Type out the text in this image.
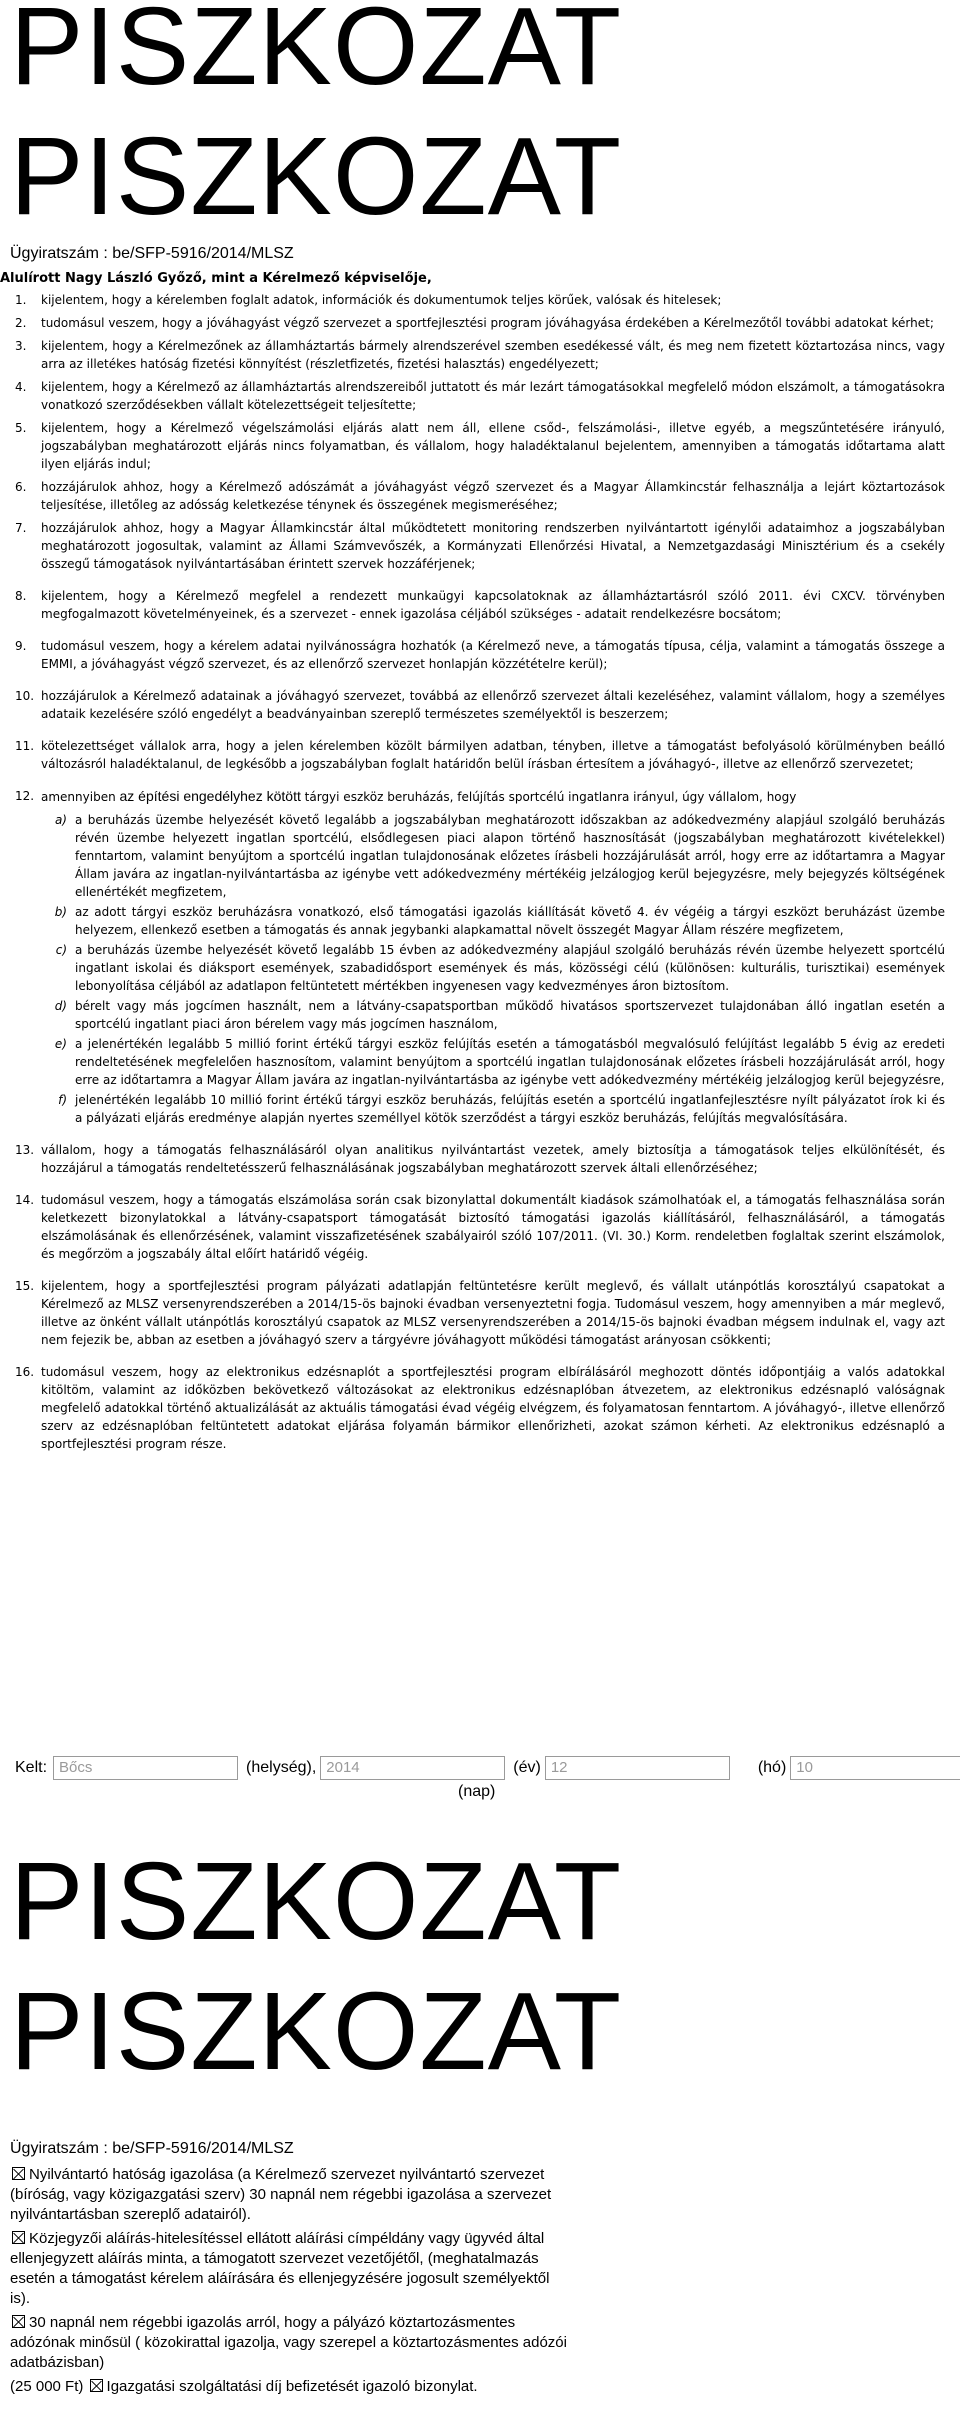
PISZKOZAT
PISZKOZAT
Ügyiratszám : be/SFP-5916/2014/MLSZ
Alulírott Nagy László Győző, mint a Kérelmező képviselője,
1.	kijelentem, hogy a kérelemben foglalt adatok, információk és dokumentumok teljes körűek, valósak és hitelesek;
2.	tudomásul veszem, hogy a jóváhagyást végző szervezet a sportfejlesztési program jóváhagyása érdekében a Kérelmezőtől további adatokat kérhet;
3.	kijelentem, hogy a Kérelmezőnek az államháztartás bármely alrendszerével szemben esedékessé vált, és meg nem fizetett köztartozása nincs, vagy arra az illetékes hatóság fizetési könnyítést (részletfizetés, fizetési halasztás) engedélyezett;
4.	kijelentem, hogy a Kérelmező az államháztartás alrendszereiből juttatott és már lezárt támogatásokkal megfelelő módon elszámolt, a támogatásokra vonatkozó szerződésekben vállalt kötelezettségeit teljesítette;
5.	kijelentem, hogy a Kérelmező végelszámolási eljárás alatt nem áll, ellene csőd-, felszámolási-, illetve egyéb, a megszűntetésére irányuló, jogszabályban meghatározott eljárás nincs folyamatban, és vállalom, hogy haladéktalanul bejelentem, amennyiben a támogatás időtartama alatt ilyen eljárás indul;
6.	hozzájárulok ahhoz, hogy a Kérelmező adószámát a jóváhagyást végző szervezet és a Magyar Államkincstár felhasználja a lejárt köztartozások teljesítése, illetőleg az adósság keletkezése ténynek és összegének megismeréséhez;
7.	hozzájárulok ahhoz, hogy a Magyar Államkincstár által működtetett monitoring rendszerben nyilvántartott igénylői adataimhoz a jogszabályban meghatározott jogosultak, valamint az Állami Számvevőszék, a Kormányzati Ellenőrzési Hivatal, a Nemzetgazdasági Minisztérium és a csekély összegű támogatások nyilvántartásában érintett szervek hozzáférjenek;
8.	kijelentem, hogy a Kérelmező megfelel a rendezett munkaügyi kapcsolatoknak az államháztartásról szóló 2011. évi CXCV. törvényben megfogalmazott követelményeinek, és a szervezet - ennek igazolása céljából szükséges - adatait rendelkezésre bocsátom;
9.	tudomásul veszem, hogy a kérelem adatai nyilvánosságra hozhatók (a Kérelmező neve, a támogatás típusa, célja, valamint a támogatás összege a EMMI, a jóváhagyást végző szervezet, és az ellenőrző szervezet honlapján közzétételre kerül);
10. hozzájárulok a Kérelmező adatainak a jóváhagyó szervezet, továbbá az ellenőrző szervezet általi kezeléséhez, valamint vállalom, hogy a személyes adataik kezelésére szóló engedélyt a beadványainban szereplő természetes személyektől is beszerzem;
11. kötelezettséget vállalok arra, hogy a jelen kérelemben közölt bármilyen adatban, tényben, illetve a támogatást befolyásoló körülményben beálló változásról haladéktalanul, de legkésőbb a jogszabályban foglalt határidőn belül írásban értesítem a jóváhagyó-, illetve az ellenőrző szervezetet;
12. amennyiben az építési engedélyhez kötött tárgyi eszköz beruházás, felújítás sportcélú ingatlanra irányul, úgy vállalom, hogy
a) a beruházás üzembe helyezését követő legalább a jogszabályban meghatározott időszakban az adókedvezmény alapjául szolgáló beruházás révén üzembe helyezett ingatlan sportcélú, elsődlegesen piaci alapon történő hasznosítását (jogszabályban meghatározott kivételekkel) fenntartom, valamint benyújtom a sportcélú ingatlan tulajdonosának előzetes írásbeli hozzájárulását arról, hogy erre az időtartamra a Magyar Állam javára az ingatlan-nyilvántartásba az igénybe vett adókedvezmény mértékéig jelzálogjog kerül bejegyzésre, mely bejegyzés költségének ellenértékét megfizetem,
b) az adott tárgyi eszköz beruházásra vonatkozó, első támogatási igazolás kiállítását követő 4. év végéig a tárgyi eszközt beruházást üzembe helyezem, ellenkező esetben a támogatás és annak jegybanki alapkamattal növelt összegét Magyar Állam részére megfizetem,
c) a beruházás üzembe helyezését követő legalább 15 évben az adókedvezmény alapjául szolgáló beruházás révén üzembe helyezett sportcélú ingatlant iskolai és diáksport események, szabadidősport események és más, közösségi célú (különösen: kulturális, turisztikai) események lebonyolítása céljából az adatlapon feltüntetett mértékben ingyenesen vagy kedvezményes áron biztosítom.
d) bérelt vagy más jogcímen használt, nem a látvány-csapatsportban működő hivatásos sportszervezet tulajdonában álló ingatlan esetén a sportcélú ingatlant piaci áron bérelem vagy más jogcímen használom,
e) a jelenértékén legalább 5 millió forint értékű tárgyi eszköz felújítás esetén a támogatásból megvalósuló felújítást legalább 5 évig az eredeti rendeltetésének megfelelően hasznosítom, valamint benyújtom a sportcélú ingatlan tulajdonosának előzetes írásbeli hozzájárulását arról, hogy erre az időtartamra a Magyar Állam javára az ingatlan-nyilvántartásba az igénybe vett adókedvezmény mértékéig jelzálogjog kerül bejegyzésre,
f) jelenértékén legalább 10 millió forint értékű tárgyi eszköz beruházás, felújítás esetén a sportcélú ingatlanfejlesztésre nyílt pályázatot írok ki és a pályázati eljárás eredménye alapján nyertes személlyel kötök szerződést a tárgyi eszköz beruházás, felújítás megvalósítására.
13. vállalom, hogy a támogatás felhasználásáról olyan analitikus nyilvántartást vezetek, amely biztosítja a támogatások teljes elkülönítését, és hozzájárul a támogatás rendeltetésszerű felhasználásának jogszabályban meghatározott szervek általi ellenőrzéséhez;
14. tudomásul veszem, hogy a támogatás elszámolása során csak bizonylattal dokumentált kiadások számolhatóak el, a támogatás felhasználása során keletkezett bizonylatokkal a látvány-csapatsport támogatását biztosító támogatási igazolás kiállításáról, felhasználásáról, a támogatás elszámolásának és ellenőrzésének, valamint visszafizetésének szabályairól szóló 107/2011. (VI. 30.) Korm. rendeletben foglaltak szerint elszámolok, és megőrzöm a jogszabály által előírt határidő végéig.
15. kijelentem, hogy a sportfejlesztési program pályázati adatlapján feltüntetésre került meglevő, és vállalt utánpótlás korosztályú csapatokat a Kérelmező az MLSZ versenyrendszerében a 2014/15-ös bajnoki évadban versenyeztetni fogja. Tudomásul veszem, hogy amennyiben a már meglevő, illetve az önként vállalt utánpótlás korosztályú csapatok az MLSZ versenyrendszerében a 2014/15-ös bajnoki évadban mégsem indulnak el, vagy azt nem fejezik be, abban az esetben a jóváhagyó szerv a tárgyévre jóváhagyott működési támogatást arányosan csökkenti;
16. tudomásul veszem, hogy az elektronikus edzésnaplót a sportfejlesztési program elbírálásáról meghozott döntés időpontjáig a valós adatokkal kitöltöm, valamint az időközben bekövetkező változásokat az elektronikus edzésnaplóban átvezetem, az elektronikus edzésnapló valóságnak megfelelő adatokkal történő aktualizálását az aktuális támogatási évad végéig elvégzem, és folyamatosan fenntartom. A jóváhagyó-, illetve ellenőrző szerv az edzésnaplóban feltüntetett adatokat eljárása folyamán bármikor ellenőrizheti, azokat számon kérheti. Az elektronikus edzésnapló a sportfejlesztési program része.
Kelt: Bőcs	(helység), 2014	(év) 12	(hó) 10
(nap)
PISZKOZAT
PISZKOZAT
Ügyiratszám : be/SFP-5916/2014/MLSZ
Nyilvántartó hatóság igazolása (a Kérelmező szervezet nyilvántartó szervezet (bíróság, vagy közigazgatási szerv) 30 napnál nem régebbi igazolása a szervezet nyilvántartásban szereplő adatairól).
Közjegyzői aláírás-hitelesítéssel ellátott aláírási címpéldány vagy ügyvéd által ellenjegyzett aláírás minta, a támogatott szervezet vezetőjétől, (meghatalmazás esetén a támogatást kérelem aláírására és ellenjegyzésére jogosult személyektől is).
30 napnál nem régebbi igazolás arról, hogy a pályázó köztartozásmentes adózónak minősül ( közokirattal igazolja, vagy szerepel a köztartozásmentes adózói adatbázisban)
(25 000 Ft) Igazgatási szolgáltatási díj befizetését igazoló bizonylat.
